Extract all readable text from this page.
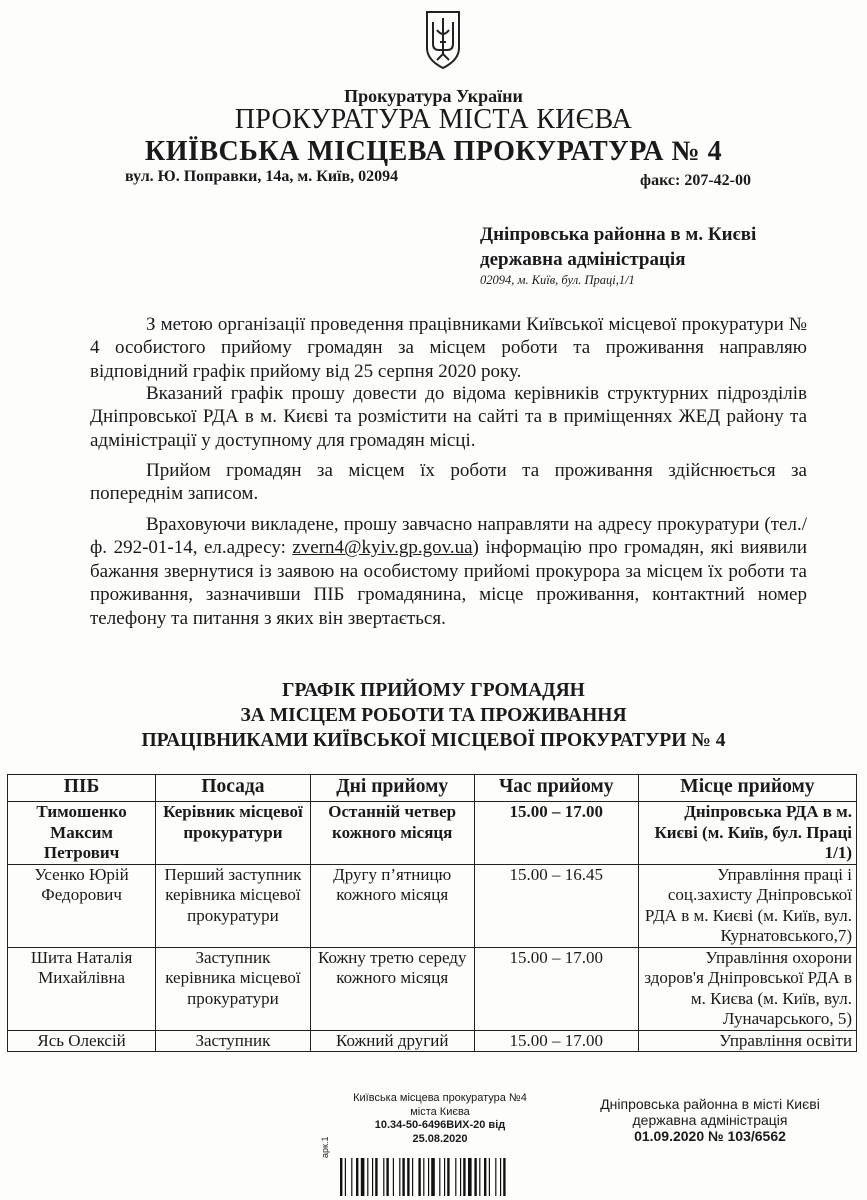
Прокуратура України
ПРОКУРАТУРА МІСТА КИЄВА
КИЇВСЬКА МІСЦЕВА ПРОКУРАТУРА № 4
вул. Ю. Поправки, 14а, м. Київ, 02094	факс: 207-42-00
Дніпровська районна в м. Києві
державна адміністрація
02094, м. Київ, бул. Праці,1/1

З метою організації проведення працівниками Київської місцевої прокуратури № 4 особистого прийому громадян за місцем роботи та проживання направляю відповідний графік прийому від 25 серпня 2020 року.

Вказаний графік прошу довести до відома керівників структурних підрозділів Дніпровської РДА в м. Києві та розмістити на сайті та в приміщеннях ЖЕД району та адміністрації у доступному для громадян місці.

Прийом громадян за місцем їх роботи та проживання здійснюється за попереднім записом.

Враховуючи викладене, прошу завчасно направляти на адресу прокуратури (тел./ф. 292-01-14, ел.адресу: zvern4@kyiv.gp.gov.ua) інформацію про громадян, які виявили бажання звернутися із заявою на особистому прийомі прокурора за місцем їх роботи та проживання, зазначивши ПІБ громадянина, місце проживання, контактний номер телефону та питання з яких він звертається.

ГРАФІК ПРИЙОМУ ГРОМАДЯН
ЗА МІСЦЕМ РОБОТИ ТА ПРОЖИВАННЯ
ПРАЦІВНИКАМИ КИЇВСЬКОЇ МІСЦЕВОЇ ПРОКУРАТУРИ № 4
ПІБ	Посада	Дні прийому	Час прийому	Місце прийому
Тимошенко Максим Петрович	Керівник місцевої прокуратури	Останній четвер кожного місяця	15.00 – 17.00	Дніпровська РДА в м. Києві (м. Київ, бул. Праці 1/1)
Усенко Юрій Федорович	Перший заступник керівника місцевої прокуратури	Другу п’ятницю кожного місяця	15.00 – 16.45	Управління праці і соц.захисту Дніпровської РДА в м. Києві (м. Київ, вул. Курнатовського,7)
Шита Наталія Михайлівна	Заступник керівника місцевої прокуратури	Кожну третю середу кожного місяця	15.00 – 17.00	Управління охорони здоров'я Дніпровської РДА в м. Києва (м. Київ, вул. Луначарського, 5)
Ясь Олексій	Заступник	Кожний другий	15.00 – 17.00	Управління освіти
Київська місцева прокуратура №4
міста Києва
10.34-50-6496ВИХ-20 від
25.08.2020
Дніпровська районна в місті Києві
державна адміністрація
01.09.2020 № 103/6562
арк.1
